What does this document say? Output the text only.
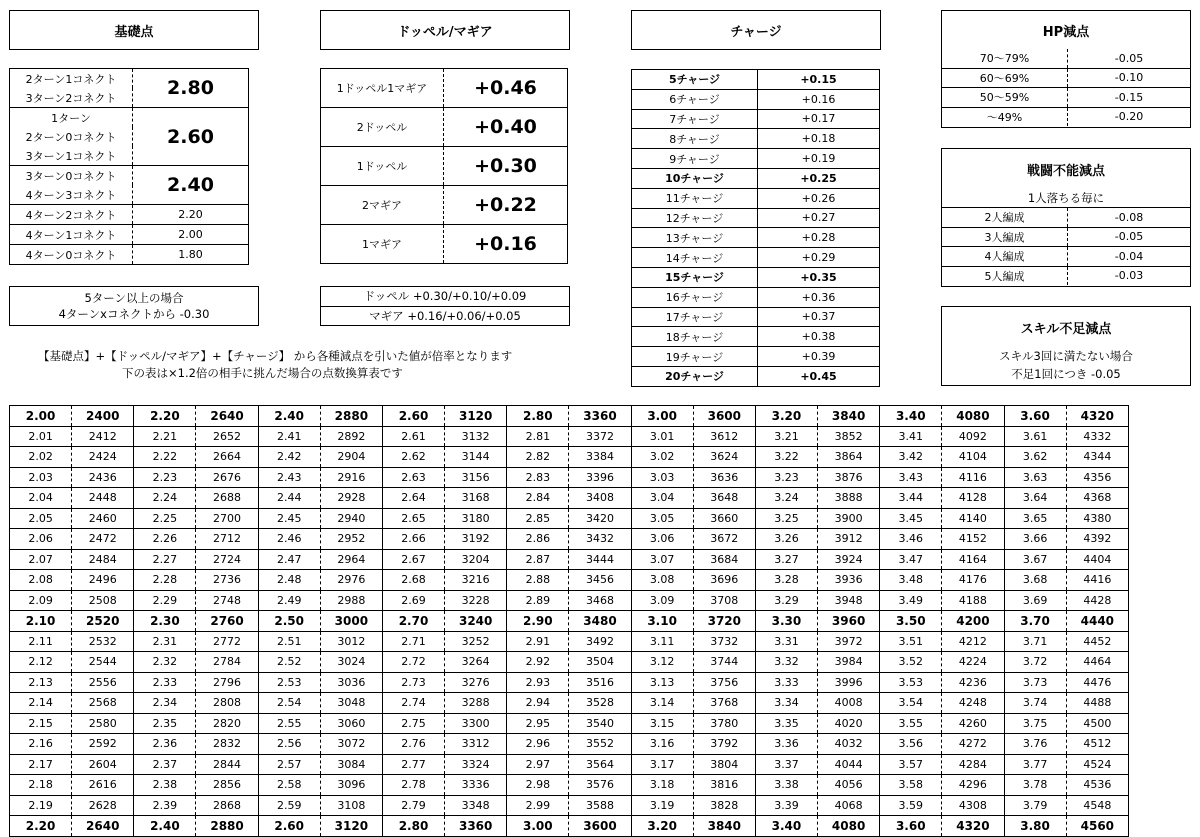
基礎点	ドッペル/マギア	チャージ	HP減点
2ターン1コネクト	2.80
3ターン2コネクト	
1ターン	2.60
2ターン0コネクト	
3ターン1コネクト	
3ターン0コネクト	2.40
4ターン3コネクト	
4ターン2コネクト	2.20
4ターン1コネクト	2.00
4ターン0コネクト	1.80
5ターン以上の場合
4ターンxコネクトから -0.30
1ドッペル1マギア	+0.46
2ドッペル	+0.40
1ドッペル	+0.30
2マギア	+0.22
1マギア	+0.16
ドッペル +0.30/+0.10/+0.09
マギア +0.16/+0.06/+0.05
【基礎点】+【ドッペル/マギア】+【チャージ】 から各種減点を引いた値が倍率となります
下の表は×1.2倍の相手に挑んだ場合の点数換算表です
5チャージ	+0.15
6チャージ	+0.16
7チャージ	+0.17
8チャージ	+0.18
9チャージ	+0.19
10チャージ	+0.25
11チャージ	+0.26
12チャージ	+0.27
13チャージ	+0.28
14チャージ	+0.29
15チャージ	+0.35
16チャージ	+0.36
17チャージ	+0.37
18チャージ	+0.38
19チャージ	+0.39
20チャージ	+0.45
70～79%	-0.05
60～69%	-0.10
50～59%	-0.15
～49%	-0.20
戦闘不能減点
1人落ちる毎に
2人編成	-0.08
3人編成	-0.05
4人編成	-0.04
5人編成	-0.03
スキル不足減点
スキル3回に満たない場合
不足1回につき -0.05
2.00	2400	2.20	2640	2.40	2880	2.60	3120	2.80	3360	3.00	3600	3.20	3840	3.40	4080	3.60	4320
2.01	2412	2.21	2652	2.41	2892	2.61	3132	2.81	3372	3.01	3612	3.21	3852	3.41	4092	3.61	4332
2.02	2424	2.22	2664	2.42	2904	2.62	3144	2.82	3384	3.02	3624	3.22	3864	3.42	4104	3.62	4344
2.03	2436	2.23	2676	2.43	2916	2.63	3156	2.83	3396	3.03	3636	3.23	3876	3.43	4116	3.63	4356
2.04	2448	2.24	2688	2.44	2928	2.64	3168	2.84	3408	3.04	3648	3.24	3888	3.44	4128	3.64	4368
2.05	2460	2.25	2700	2.45	2940	2.65	3180	2.85	3420	3.05	3660	3.25	3900	3.45	4140	3.65	4380
2.06	2472	2.26	2712	2.46	2952	2.66	3192	2.86	3432	3.06	3672	3.26	3912	3.46	4152	3.66	4392
2.07	2484	2.27	2724	2.47	2964	2.67	3204	2.87	3444	3.07	3684	3.27	3924	3.47	4164	3.67	4404
2.08	2496	2.28	2736	2.48	2976	2.68	3216	2.88	3456	3.08	3696	3.28	3936	3.48	4176	3.68	4416
2.09	2508	2.29	2748	2.49	2988	2.69	3228	2.89	3468	3.09	3708	3.29	3948	3.49	4188	3.69	4428
2.10	2520	2.30	2760	2.50	3000	2.70	3240	2.90	3480	3.10	3720	3.30	3960	3.50	4200	3.70	4440
2.11	2532	2.31	2772	2.51	3012	2.71	3252	2.91	3492	3.11	3732	3.31	3972	3.51	4212	3.71	4452
2.12	2544	2.32	2784	2.52	3024	2.72	3264	2.92	3504	3.12	3744	3.32	3984	3.52	4224	3.72	4464
2.13	2556	2.33	2796	2.53	3036	2.73	3276	2.93	3516	3.13	3756	3.33	3996	3.53	4236	3.73	4476
2.14	2568	2.34	2808	2.54	3048	2.74	3288	2.94	3528	3.14	3768	3.34	4008	3.54	4248	3.74	4488
2.15	2580	2.35	2820	2.55	3060	2.75	3300	2.95	3540	3.15	3780	3.35	4020	3.55	4260	3.75	4500
2.16	2592	2.36	2832	2.56	3072	2.76	3312	2.96	3552	3.16	3792	3.36	4032	3.56	4272	3.76	4512
2.17	2604	2.37	2844	2.57	3084	2.77	3324	2.97	3564	3.17	3804	3.37	4044	3.57	4284	3.77	4524
2.18	2616	2.38	2856	2.58	3096	2.78	3336	2.98	3576	3.18	3816	3.38	4056	3.58	4296	3.78	4536
2.19	2628	2.39	2868	2.59	3108	2.79	3348	2.99	3588	3.19	3828	3.39	4068	3.59	4308	3.79	4548
2.20	2640	2.40	2880	2.60	3120	2.80	3360	3.00	3600	3.20	3840	3.40	4080	3.60	4320	3.80	4560
